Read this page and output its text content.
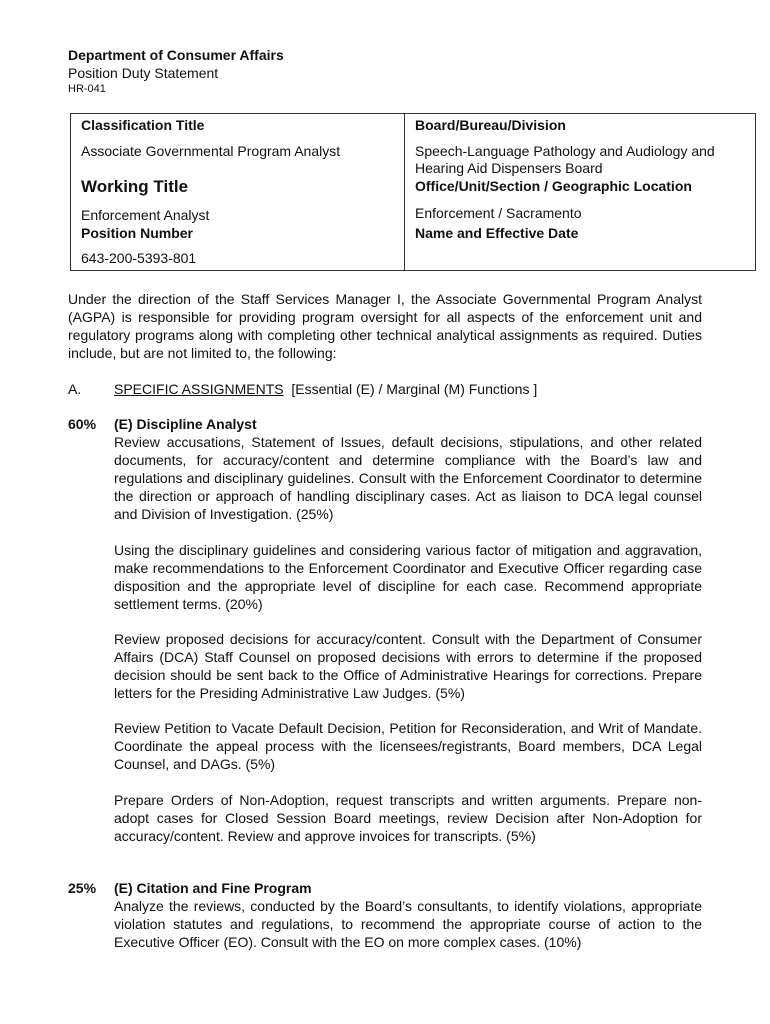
Department of Consumer Affairs
Position Duty Statement
HR-041
Classification Title	Board/Bureau/Division
Associate Governmental Program Analyst	Speech-Language Pathology and Audiology and Hearing Aid Dispensers Board
Working Title	Office/Unit/Section / Geographic Location
Enforcement Analyst	Enforcement / Sacramento
Position Number	Name and Effective Date
643-200-5393-801	
Under the direction of the Staff Services Manager I, the Associate Governmental Program Analyst (AGPA) is responsible for providing program oversight for all aspects of the enforcement unit and regulatory programs along with completing other technical analytical assignments as required. Duties include, but are not limited to, the following:
A. SPECIFIC ASSIGNMENTS [Essential (E) / Marginal (M) Functions ]
60% (E) Discipline Analyst
Review accusations, Statement of Issues, default decisions, stipulations, and other related documents, for accuracy/content and determine compliance with the Board’s law and regulations and disciplinary guidelines. Consult with the Enforcement Coordinator to determine the direction or approach of handling disciplinary cases. Act as liaison to DCA legal counsel and Division of Investigation. (25%)
Using the disciplinary guidelines and considering various factor of mitigation and aggravation, make recommendations to the Enforcement Coordinator and Executive Officer regarding case disposition and the appropriate level of discipline for each case. Recommend appropriate settlement terms. (20%)
Review proposed decisions for accuracy/content. Consult with the Department of Consumer Affairs (DCA) Staff Counsel on proposed decisions with errors to determine if the proposed decision should be sent back to the Office of Administrative Hearings for corrections. Prepare letters for the Presiding Administrative Law Judges. (5%)
Review Petition to Vacate Default Decision, Petition for Reconsideration, and Writ of Mandate. Coordinate the appeal process with the licensees/registrants, Board members, DCA Legal Counsel, and DAGs. (5%)
Prepare Orders of Non-Adoption, request transcripts and written arguments. Prepare non-adopt cases for Closed Session Board meetings, review Decision after Non-Adoption for accuracy/content. Review and approve invoices for transcripts. (5%)
25% (E) Citation and Fine Program
Analyze the reviews, conducted by the Board’s consultants, to identify violations, appropriate violation statutes and regulations, to recommend the appropriate course of action to the Executive Officer (EO). Consult with the EO on more complex cases. (10%)
